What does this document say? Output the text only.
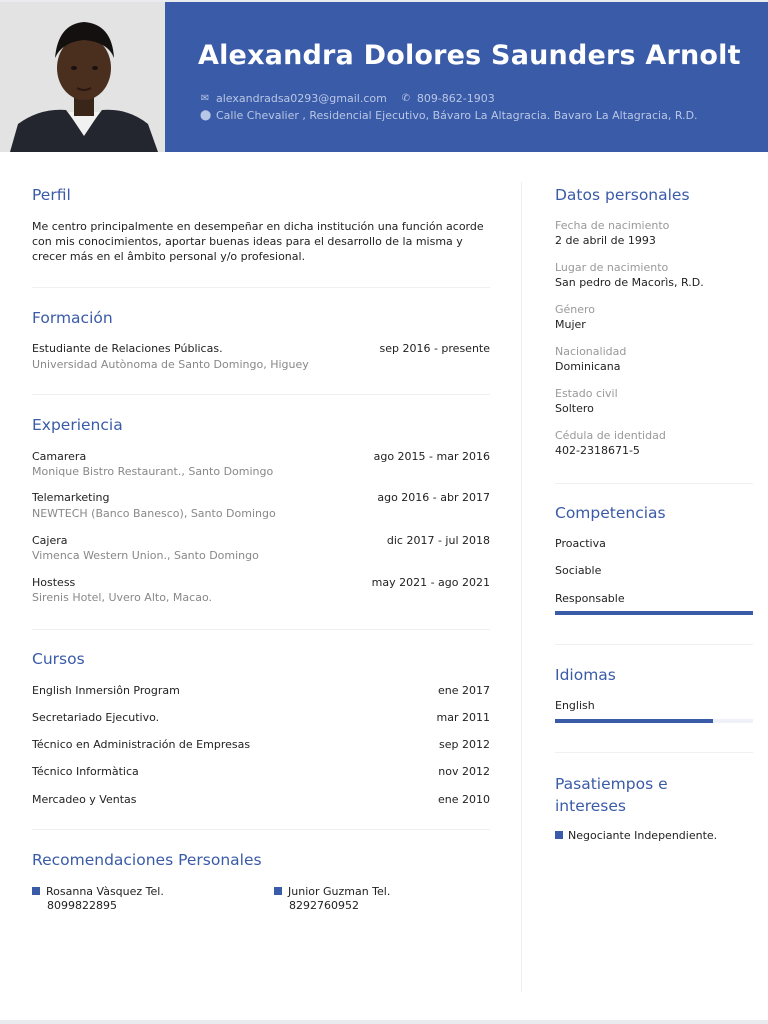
Alexandra Dolores Saunders Arnolt
✉ alexandradsa0293@gmail.com ✆ 809-862-1903
⬤ Calle Chevalier , Residencial Ejecutivo, Bávaro La Altagracia. Bavaro La Altagracia, R.D.
Perfil
Me centro principalmente en desempeñar en dicha institución una función acorde con mis conocimientos, aportar buenas ideas para el desarrollo de la misma y crecer más en el âmbito personal y/o profesional.
Formación
Estudiante de Relaciones Públicas.	sep 2016 - presente
Universidad Autònoma de Santo Domingo, Higuey
Experiencia
Camarera	ago 2015 - mar 2016
Monique Bistro Restaurant., Santo Domingo
Telemarketing	ago 2016 - abr 2017
NEWTECH (Banco Banesco), Santo Domingo
Cajera	dic 2017 - jul 2018
Vimenca Western Union., Santo Domingo
Hostess	may 2021 - ago 2021
Sirenis Hotel, Uvero Alto, Macao.
Cursos
English Inmersiôn Program	ene 2017
Secretariado Ejecutivo.	mar 2011
Técnico en Administración de Empresas	sep 2012
Técnico Informàtica	nov 2012
Mercadeo y Ventas	ene 2010
Recomendaciones Personales
Rosanna Vàsquez Tel.
8099822895
Junior Guzman Tel.
8292760952
Datos personales
Fecha de nacimiento
2 de abril de 1993
Lugar de nacimiento
San pedro de Macorìs, R.D.
Género
Mujer
Nacionalidad
Dominicana
Estado civil
Soltero
Cédula de identidad
402-2318671-5
Competencias
Proactiva
Sociable
Responsable
Idiomas
English
Pasatiempos e
intereses
Negociante Independiente.
